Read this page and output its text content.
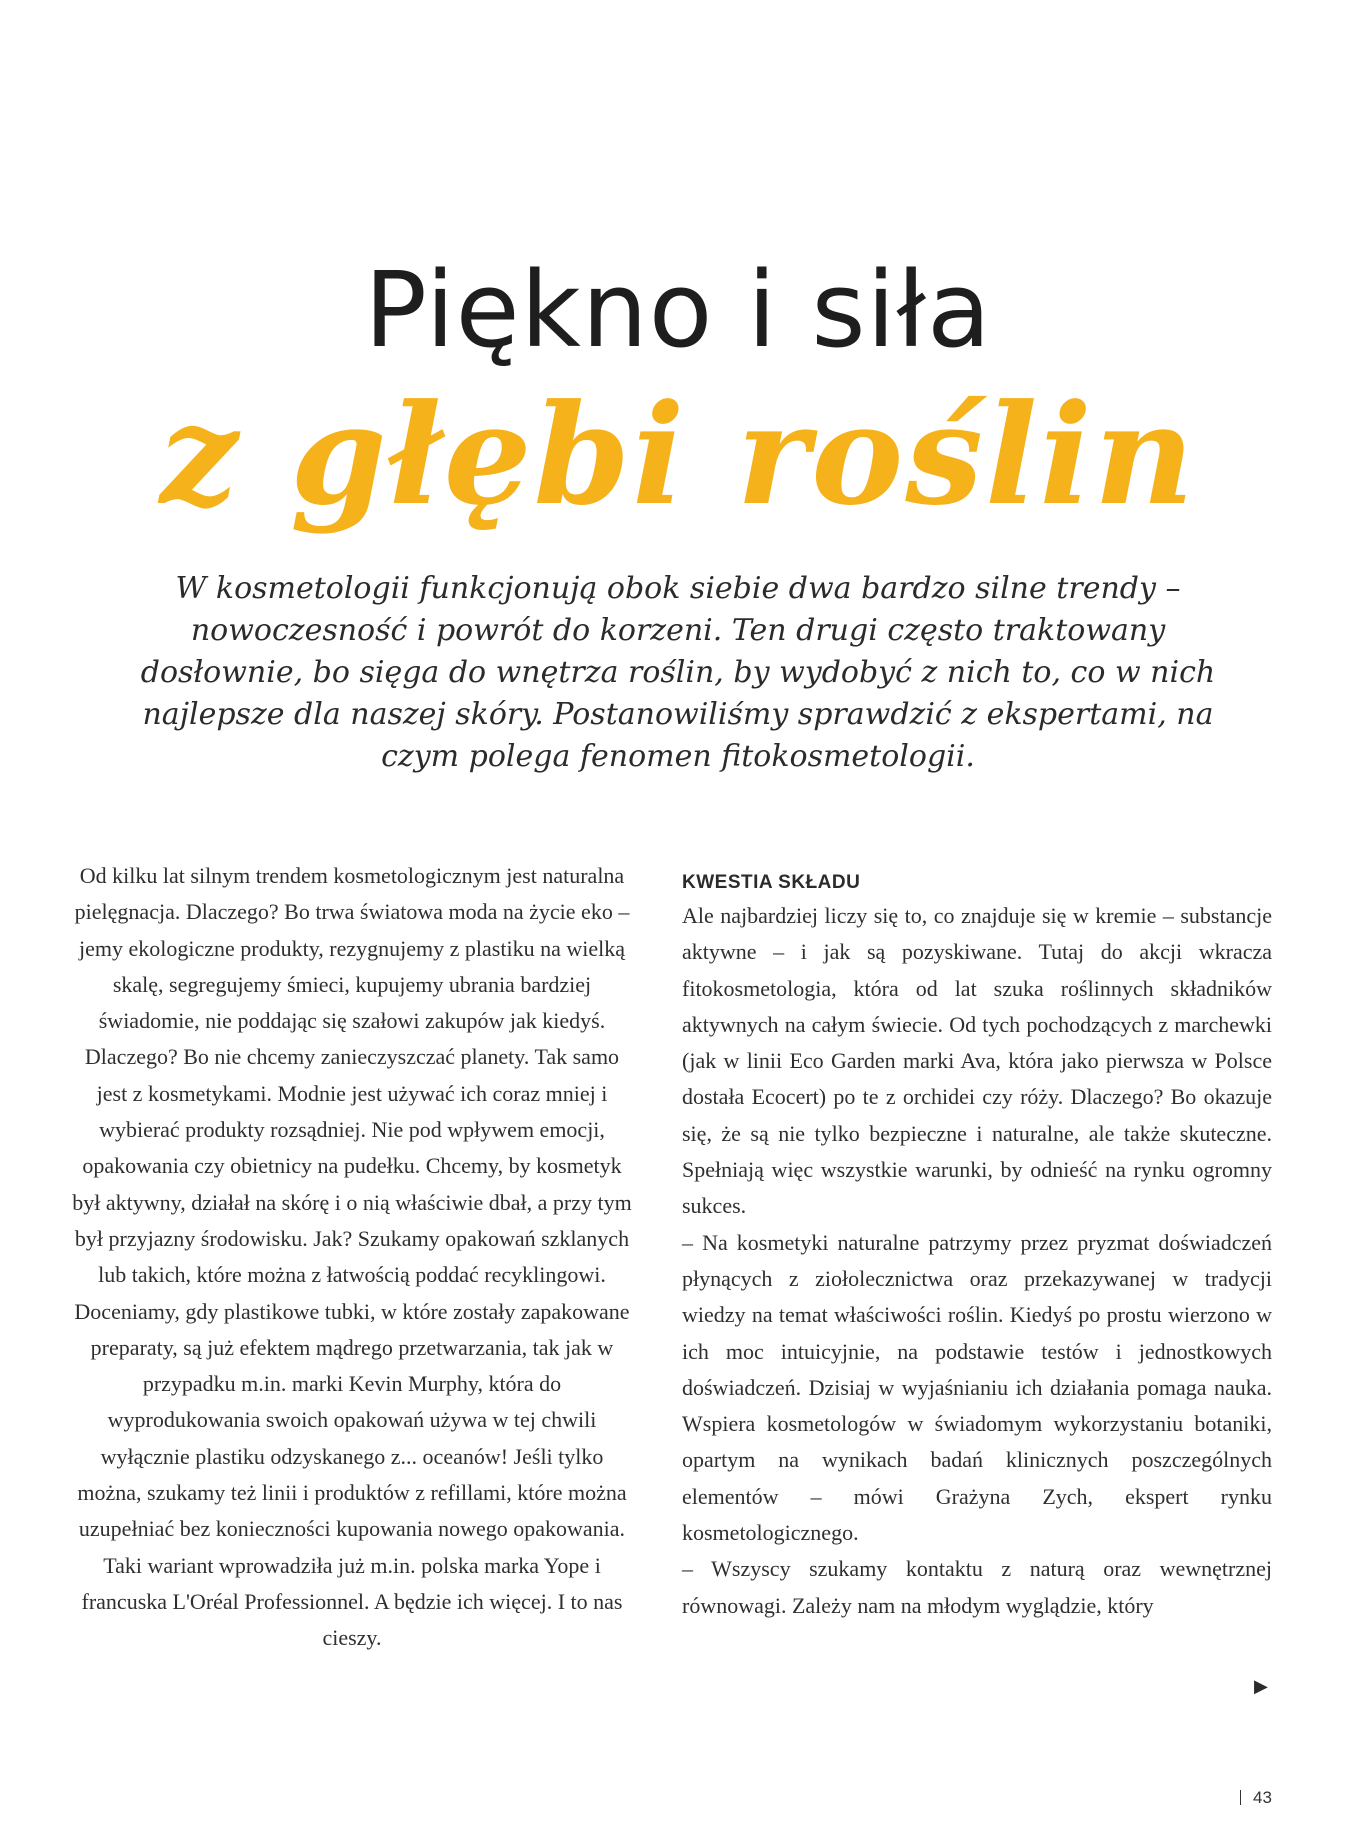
Piękno i siła
z głębi roślin

W kosmetologii funkcjonują obok siebie dwa bardzo silne trendy – nowoczesność i powrót do korzeni. Ten drugi często traktowany dosłownie, bo sięga do wnętrza roślin, by wydobyć z nich to, co w nich najlepsze dla naszej skóry. Postanowiliśmy sprawdzić z ekspertami, na czym polega fenomen fitokosmetologii.

Od kilku lat silnym trendem kosmetologicznym jest naturalna pielęgnacja. Dlaczego? Bo trwa światowa moda na życie eko – jemy ekologiczne produkty, rezygnujemy z plastiku na wielką skalę, segregujemy śmieci, kupujemy ubrania bardziej świadomie, nie poddając się szałowi zakupów jak kiedyś. Dlaczego? Bo nie chcemy zanieczyszczać planety. Tak samo jest z kosmetykami. Modnie jest używać ich coraz mniej i wybierać produkty rozsądniej. Nie pod wpływem emocji, opakowania czy obietnicy na pudełku. Chcemy, by kosmetyk był aktywny, działał na skórę i o nią właściwie dbał, a przy tym był przyjazny środowisku. Jak? Szukamy opakowań szklanych lub takich, które można z łatwością poddać recyklingowi. Doceniamy, gdy plastikowe tubki, w które zostały zapakowane preparaty, są już efektem mądrego przetwarzania, tak jak w przypadku m.in. marki Kevin Murphy, która do wyprodukowania swoich opakowań używa w tej chwili wyłącznie plastiku odzyskanego z... oceanów! Jeśli tylko można, szukamy też linii i produktów z refillami, które można uzupełniać bez konieczności kupowania nowego opakowania. Taki wariant wprowadziła już m.in. polska marka Yope i francuska L'Oréal Professionnel. A będzie ich więcej. I to nas cieszy.

KWESTIA SKŁADU

Ale najbardziej liczy się to, co znajduje się w kremie – substancje aktywne – i jak są pozyskiwane. Tutaj do akcji wkracza fitokosmetologia, która od lat szuka roślinnych składników aktywnych na całym świecie. Od tych pochodzących z marchewki (jak w linii Eco Garden marki Ava, która jako pierwsza w Polsce dostała Ecocert) po te z orchidei czy róży. Dlaczego? Bo okazuje się, że są nie tylko bezpieczne i naturalne, ale także skuteczne. Spełniają więc wszystkie warunki, by odnieść na rynku ogromny sukces.

– Na kosmetyki naturalne patrzymy przez pryzmat doświadczeń płynących z ziołolecznictwa oraz przekazywanej w tradycji wiedzy na temat właściwości roślin. Kiedyś po prostu wierzono w ich moc intuicyjnie, na podstawie testów i jednostkowych doświadczeń. Dzisiaj w wyjaśnianiu ich działania pomaga nauka. Wspiera kosmetologów w świadomym wykorzystaniu botaniki, opartym na wynikach badań klinicznych poszczególnych elementów – mówi Grażyna Zych, ekspert rynku kosmetologicznego.

– Wszyscy szukamy kontaktu z naturą oraz wewnętrznej równowagi. Zależy nam na młodym wyglądzie, który

▶
43
